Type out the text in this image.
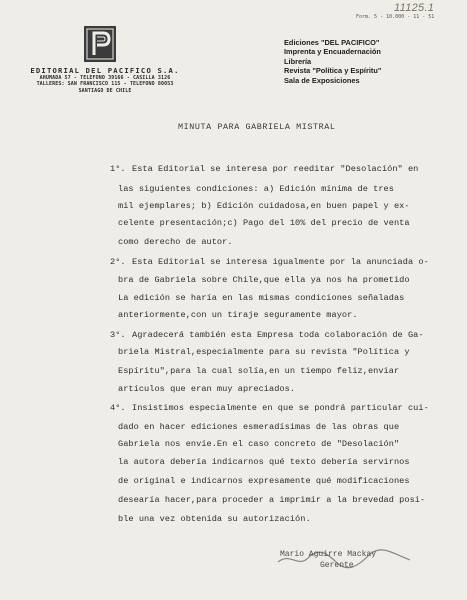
11125.1
Form. 5 - 10.000 - 11 - 51
EDITORIAL DEL PACIFICO S.A.
AHUMADA 57 - TELEFONO 39166 - CASILLA 3126
TALLERES: SAN FRANCISCO 115 - TELEFONO 80053
SANTIAGO DE CHILE
Ediciones "DEL PACIFICO"
Imprenta y Encuadernación
Librería
Revista "Política y Espíritu"
Sala de Exposiciones
MINUTA PARA GABRIELA MISTRAL
1°. Esta Editorial se interesa por reeditar "Desolación" en
las siguientes condiciones: a) Edición mínima de tres
mil ejemplares; b) Edición cuidadosa,en buen papel y ex-
celente presentación;c) Pago del 10% del precio de venta
como derecho de autor.
2°. Esta Editorial se interesa igualmente por la anunciada o-
bra de Gabriela sobre Chile,que ella ya nos ha prometido
La edición se haría en las mismas condiciones señaladas
anteriormente,con un tiraje seguramente mayor.
3°. Agradecerá también esta Empresa toda colaboración de Ga-
briela Mistral,especialmente para su revista "Política y
Espíritu",para la cual solía,en un tiempo feliz,enviar
artículos que eran muy apreciados.
4°. Insistimos especialmente en que se pondrá particular cui-
dado en hacer ediciones esmeradísimas de las obras que
Gabriela nos envíe.En el caso concreto de "Desolación"
la autora debería indicarnos qué texto debería servirnos
de original e indicarnos expresamente qué modificaciones
desearía hacer,para proceder a imprimir a la brevedad posi-
ble una vez obtenida su autorización.
Mario Aguirre Mackay
Gerente
